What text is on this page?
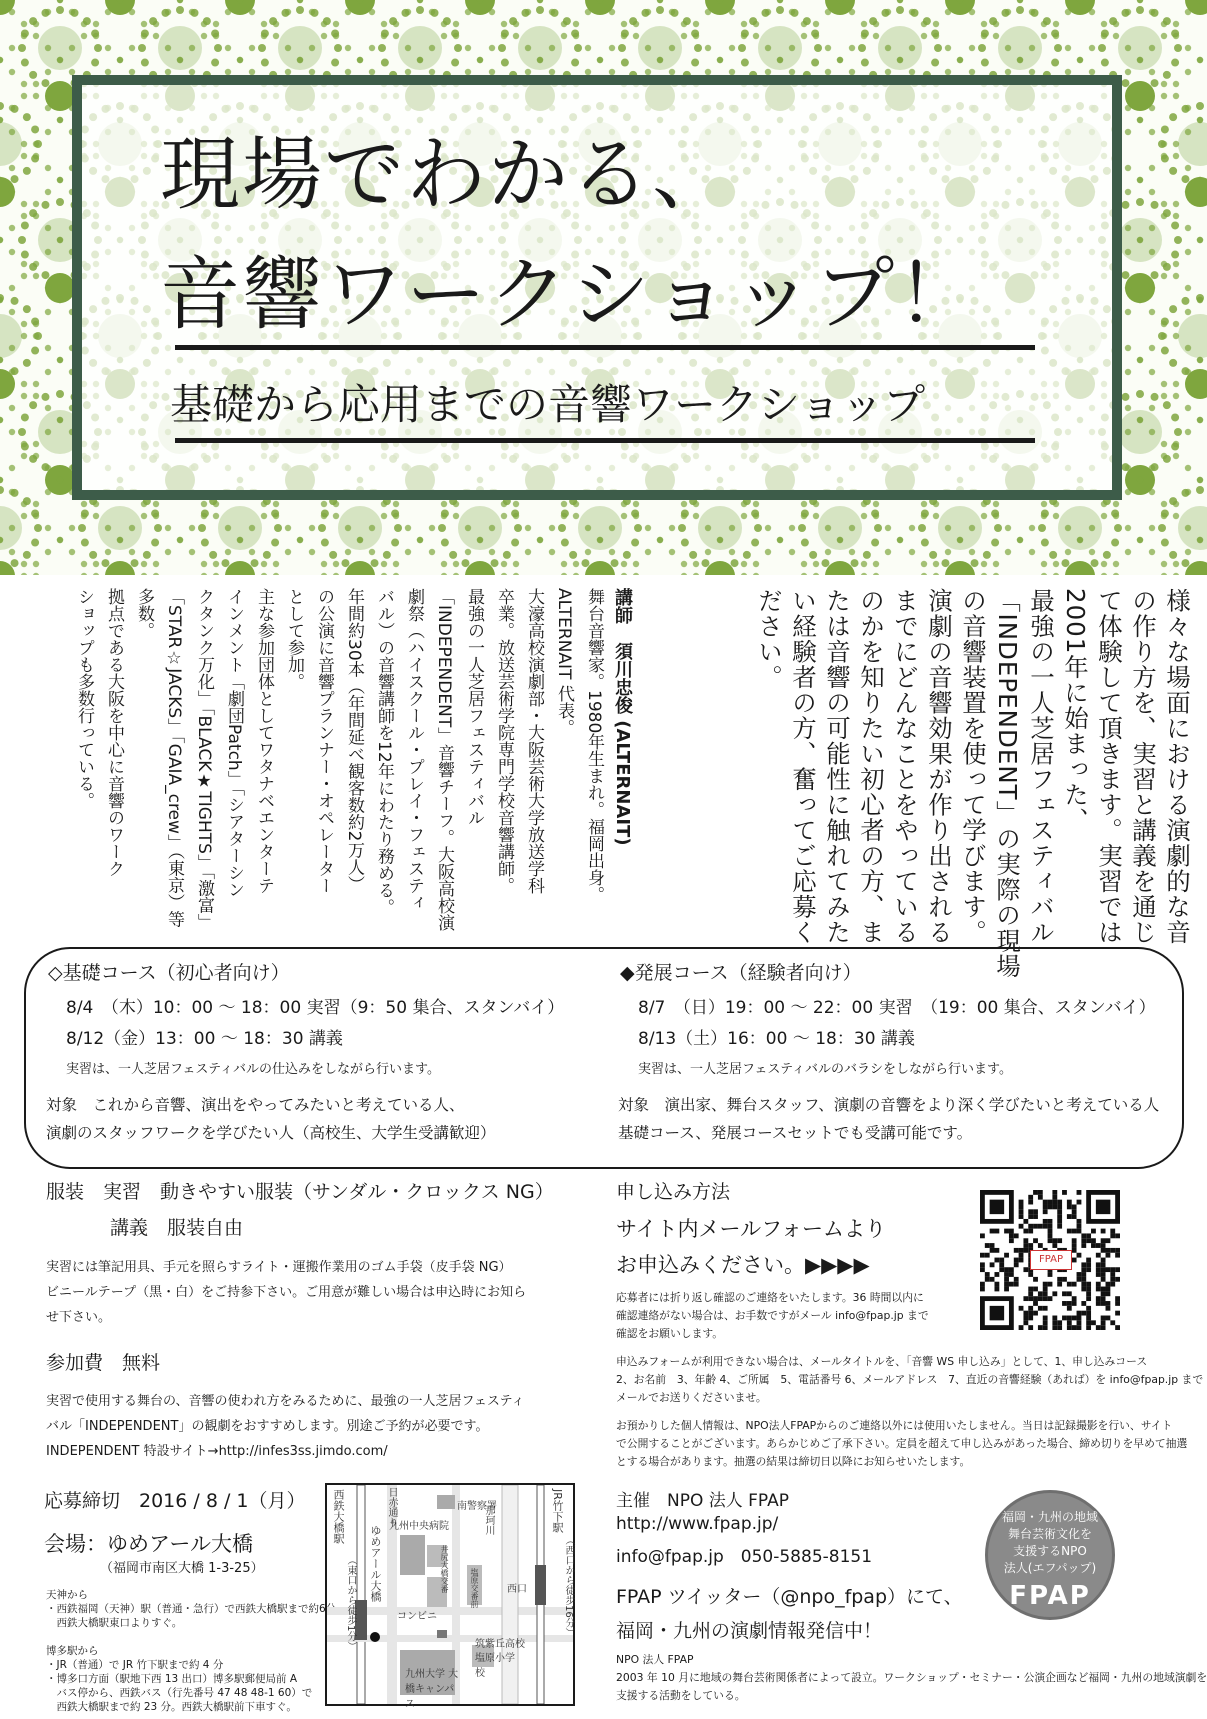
現場でわかる、
音響ワークショップ！
基礎から応用までの音響ワークショップ
様々な場面における演劇的な音
の作り方を、実習と講義を通じ
て体験して頂きます。実習では
2001年に始まった、
最強の一人芝居フェスティバル
「INDEPENDENT」の実際の現場
の音響装置を使って学びます。
演劇の音響効果が作り出される
までにどんなことをやっている
のかを知りたい初心者の方、ま
たは音響の可能性に触れてみた
い経験者の方、奮ってご応募く
ださい。
講師　須川忠俊 (ALTERNAIT)
舞台音響家。1980年生まれ。福岡出身。
ALTERNAIT 代表。
大濠高校演劇部・大阪芸術大学放送学科
卒業。放送芸術学院専門学校音響講師。
最強の一人芝居フェスティバル
「INDEPENDENT」音響チーフ。大阪高校演
劇祭（ハイスクール・プレイ・フェスティ
バル）の音響講師を12年にわたり務める。
年間約30本（年間延べ観客数約2万人）
の公演に音響プランナー・オペレーター
として参加。
主な参加団体としてワタナベエンターテ
インメント「劇団Patch」「シアターシン
クタンク万化」「BLACK★TIGHTS」「激富」
「STAR☆JACKS」「GAIA_crew」（東京）等
多数。
拠点である大阪を中心に音響のワーク
ショップも多数行っている。
◇基礎コース（初心者向け）
8/4　（木）10：00 ～ 18：00 実習（9：50 集合、スタンバイ）
8/12（金）13：00 ～ 18：30 講義
実習は、一人芝居フェスティバルの仕込みをしながら行います。
対象　これから音響、演出をやってみたいと考えている人、
演劇のスタッフワークを学びたい人（高校生、大学生受講歓迎）
◆発展コース（経験者向け）
8/7　（日）19：00 ～ 22：00 実習　（19：00 集合、スタンバイ）
8/13（土）16：00 ～ 18：30 講義
実習は、一人芝居フェスティバルのバラシをしながら行います。
対象　演出家、舞台スタッフ、演劇の音響をより深く学びたいと考えている人
基礎コース、発展コースセットでも受講可能です。
服装　実習　動きやすい服装（サンダル・クロックス NG）
講義　服装自由
実習には筆記用具、手元を照らすライト・運搬作業用のゴム手袋（皮手袋 NG）
ビニールテープ（黒・白）をご持参下さい。ご用意が難しい場合は申込時にお知ら
せ下さい。
参加費　無料
実習で使用する舞台の、音響の使われ方をみるために、最強の一人芝居フェスティ
バル「INDEPENDENT」の観劇をおすすめします。別途ご予約が必要です。
INDEPENDENT 特設サイト→http://infes3ss.jimdo.com/
応募締切　2016 / 8 / 1（月）
会場：ゆめアール大橋
（福岡市南区大橋 1-3-25）
天神から
・西鉄福岡（天神）駅（普通・急行）で西鉄大橋駅まで約6分。
　西鉄大橋駅東口よりすぐ。
博多駅から
・JR（普通）で JR 竹下駅まで約 4 分
・博多口方面（駅地下西 13 出口）博多駅郵便局前 A
　バス停から、西鉄バス（行先番号 47 48 48-1 60）で
　西鉄大橋駅まで約 23 分。西鉄大橋駅前下車すぐ。
西鉄大橋駅
（東口から徒歩1分）
日赤通り
ゆめアール大橋
南警察署
九州中央病院
井尻大橋交番	塩原交番前
コンビニ
那珂川
西口
JR竹下駅
（西口から徒歩16分）
筑紫丘高校
塩原小学校
九州大学 大橋キャンパス
申し込み方法
サイト内メールフォームより
お申込みください。▶▶▶▶
応募者には折り返し確認のご連絡をいたします。36 時間以内に
確認連絡がない場合は、お手数ですがメール info@fpap.jp まで
確認をお願いします。
申込みフォームが利用できない場合は、メールタイトルを、「音響 WS 申し込み」として、1、申し込みコース
2、お名前　3、年齢 4、ご所属　5、電話番号 6、メールアドレス　7、直近の音響経験（あれば）を info@fpap.jp まで
メールでお送りくださいませ。
お預かりした個人情報は、NPO法人FPAPからのご連絡以外には使用いたしません。当日は記録撮影を行い、サイト
で公開することがございます。あらかじめご了承下さい。定員を超えて申し込みがあった場合、締め切りを早めて抽選
とする場合があります。抽選の結果は締切日以降にお知らせいたします。
FPAP
主催　NPO 法人 FPAP
http://www.fpap.jp/
info@fpap.jp　050-5885-8151
FPAP ツイッター（@npo_fpap）にて、
福岡・九州の演劇情報発信中！
NPO 法人 FPAP
2003 年 10 月に地域の舞台芸術関係者によって設立。ワークショップ・セミナー・公演企画など福岡・九州の地域演劇を
支援する活動をしている。
福岡・九州の地域
舞台芸術文化を
支援するNPO
法人(エフパップ)
FPAP
